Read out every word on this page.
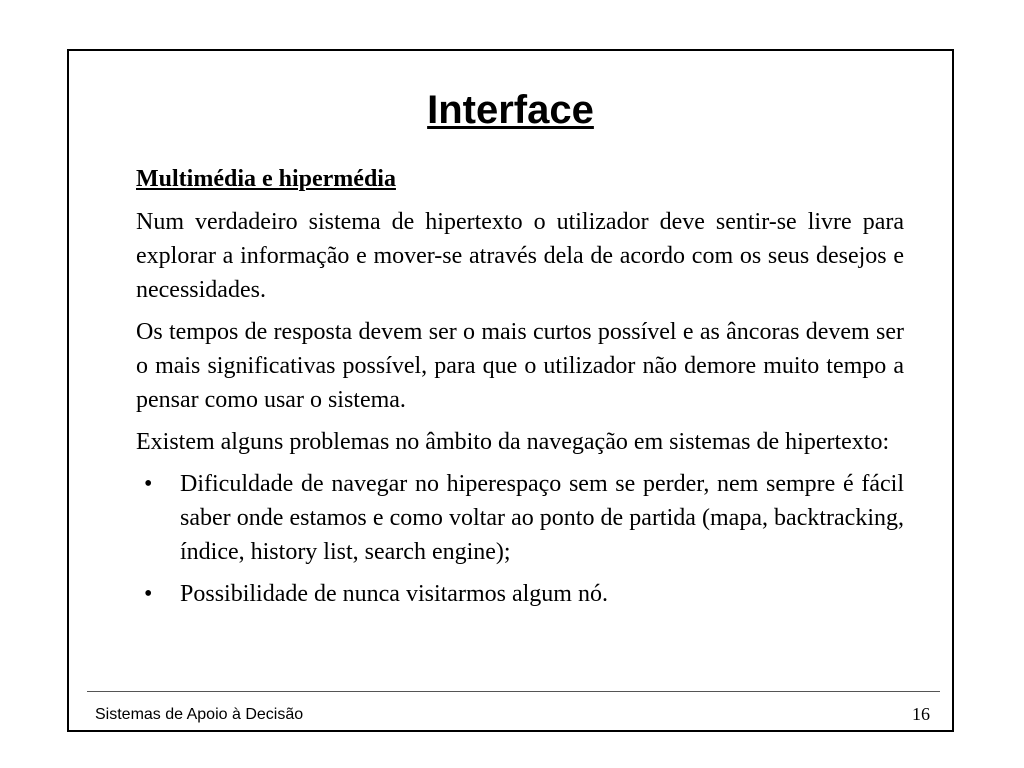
Interface

Multimédia e hipermédia

Num verdadeiro sistema de hipertexto o utilizador deve sentir-se livre para explorar a informação e mover-se através dela de acordo com os seus desejos e necessidades.

Os tempos de resposta devem ser o mais curtos possível e as âncoras devem ser o mais significativas possível, para que o utilizador não demore muito tempo a pensar como usar o sistema.

Existem alguns problemas no âmbito da navegação em sistemas de hipertexto:

• Dificuldade de navegar no hiperespaço sem se perder, nem sempre é fácil saber onde estamos e como voltar ao ponto de partida (mapa, backtracking, índice, history list, search engine);
• Possibilidade de nunca visitarmos algum nó.
Sistemas de Apoio à Decisão	16
